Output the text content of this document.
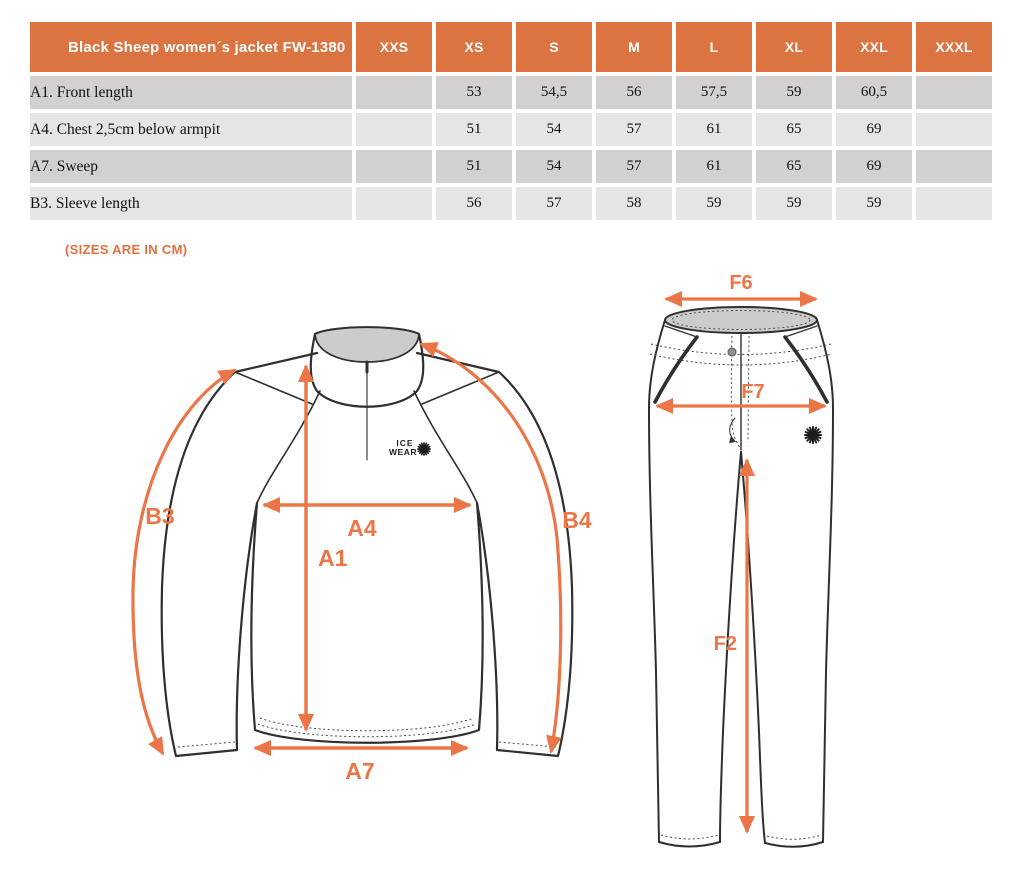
Black Sheep women´s jacket FW-1380	XXS	XS	S	M	L	XL	XXL	XXXL
A1. Front length		53	54,5	56	57,5	59	60,5	
A4. Chest 2,5cm below armpit		51	54	57	61	65	69	
A7. Sweep		51	54	57	61	65	69	
B3. Sleeve length		56	57	58	59	59	59	
(SIZES ARE IN CM)
ICE
WEAR
A4
A1
A7
B3	B4
F6
F7
F2
